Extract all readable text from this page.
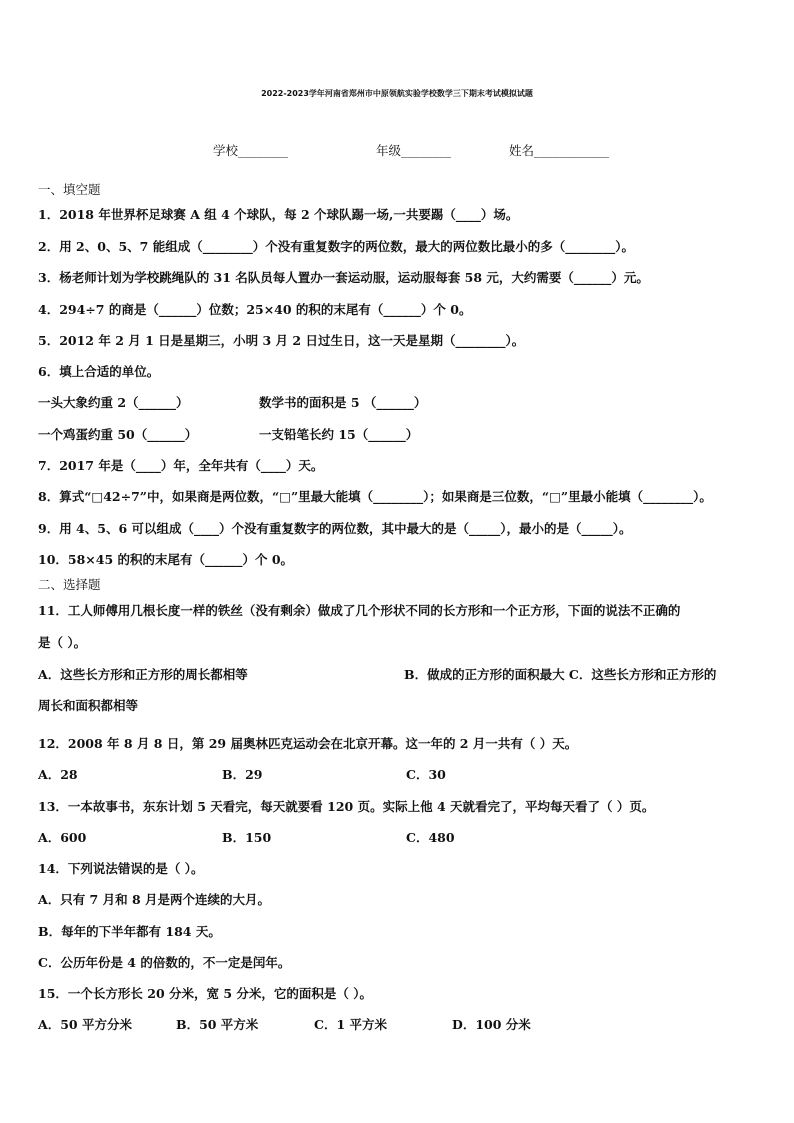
2022-2023学年河南省郑州市中原领航实验学校数学三下期末考试模拟试题
学校________	年级________	姓名____________
一、填空题
1．2018 年世界杯足球赛 A 组 4 个球队，每 2 个球队踢一场,一共要踢（____）场。
2．用 2、0、5、7 能组成（________）个没有重复数字的两位数，最大的两位数比最小的多（________）。
3．杨老师计划为学校跳绳队的 31 名队员每人置办一套运动服，运动服每套 58 元，大约需要（______）元。
4．294÷7 的商是（______）位数；25×40 的积的末尾有（______）个 0。
5．2012 年 2 月 1 日是星期三，小明 3 月 2 日过生日，这一天是星期（________）。
6．填上合适的单位。
一头大象约重 2（______）	数学书的面积是 5 （______）
一个鸡蛋约重 50（______）	一支铅笔长约 15（______）
7．2017 年是（____）年，全年共有（____）天。
8．算式“□42÷7”中，如果商是两位数，“□”里最大能填（________）；如果商是三位数，“□”里最小能填（________）。
9．用 4、5、6 可以组成（____）个没有重复数字的两位数，其中最大的是（_____），最小的是（_____）。
10．58×45 的积的末尾有（______）个 0。
二、选择题
11．工人师傅用几根长度一样的铁丝（没有剩余）做成了几个形状不同的长方形和一个正方形，下面的说法不正确的
是（ ）。
A．这些长方形和正方形的周长都相等	B．做成的正方形的面积最大 C．这些长方形和正方形的
周长和面积都相等
12．2008 年 8 月 8 日，第 29 届奥林匹克运动会在北京开幕。这一年的 2 月一共有（ ）天。
A．28	B．29	C．30
13．一本故事书，东东计划 5 天看完，每天就要看 120 页。实际上他 4 天就看完了，平均每天看了（ ）页。
A．600	B．150	C．480
14．下列说法错误的是（ ）。
A．只有 7 月和 8 月是两个连续的大月。
B．每年的下半年都有 184 天。
C．公历年份是 4 的倍数的，不一定是闰年。
15．一个长方形长 20 分米，宽 5 分米，它的面积是（ ）。
A．50 平方分米	B．50 平方米	C．1 平方米	D．100 分米
